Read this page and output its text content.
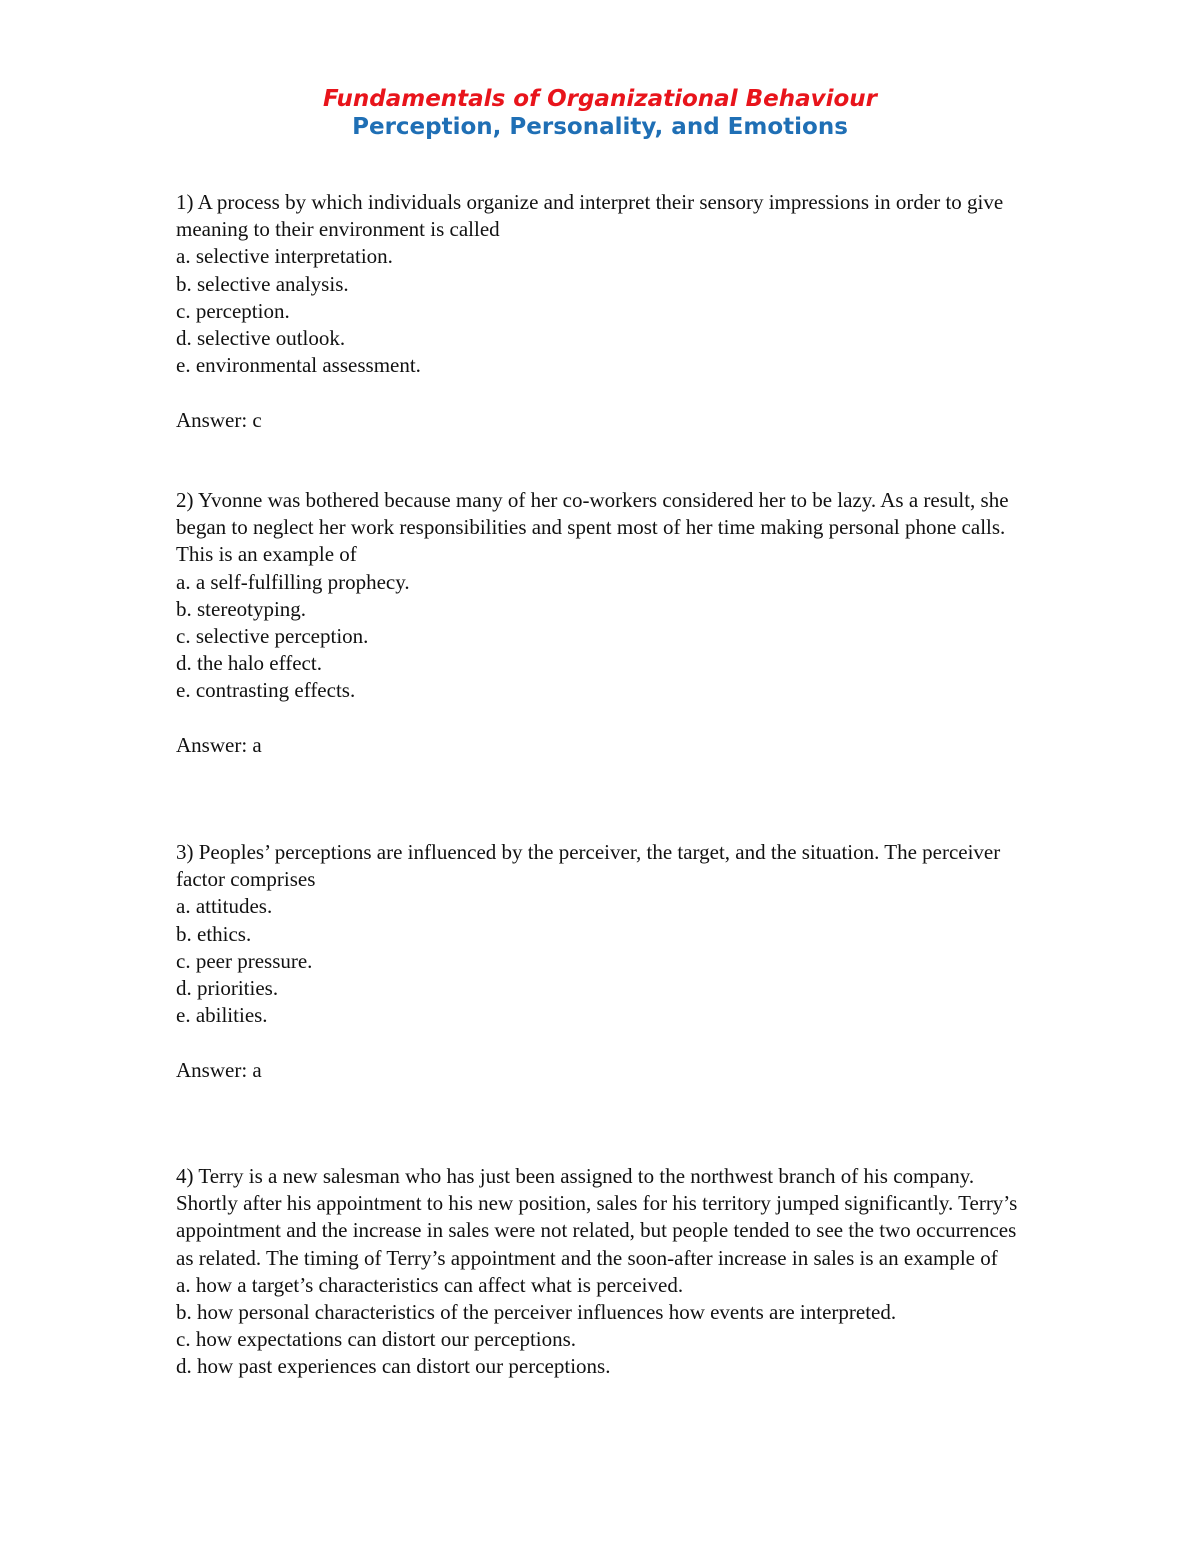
Fundamentals of Organizational Behaviour
Perception, Personality, and Emotions

1) A process by which individuals organize and interpret their sensory impressions in order to give meaning to their environment is called

a. selective interpretation.

b. selective analysis.

c. perception.

d. selective outlook.

e. environmental assessment.

Answer: c

2) Yvonne was bothered because many of her co-workers considered her to be lazy. As a result, she began to neglect her work responsibilities and spent most of her time making personal phone calls. This is an example of

a. a self-fulfilling prophecy.

b. stereotyping.

c. selective perception.

d. the halo effect.

e. contrasting effects.

Answer: a

3) Peoples’ perceptions are influenced by the perceiver, the target, and the situation. The perceiver factor comprises

a. attitudes.

b. ethics.

c. peer pressure.

d. priorities.

e. abilities.

Answer: a

4) Terry is a new salesman who has just been assigned to the northwest branch of his company. Shortly after his appointment to his new position, sales for his territory jumped significantly. Terry’s appointment and the increase in sales were not related, but people tended to see the two occurrences as related. The timing of Terry’s appointment and the soon-after increase in sales is an example of

a. how a target’s characteristics can affect what is perceived.

b. how personal characteristics of the perceiver influences how events are interpreted.

c. how expectations can distort our perceptions.

d. how past experiences can distort our perceptions.
